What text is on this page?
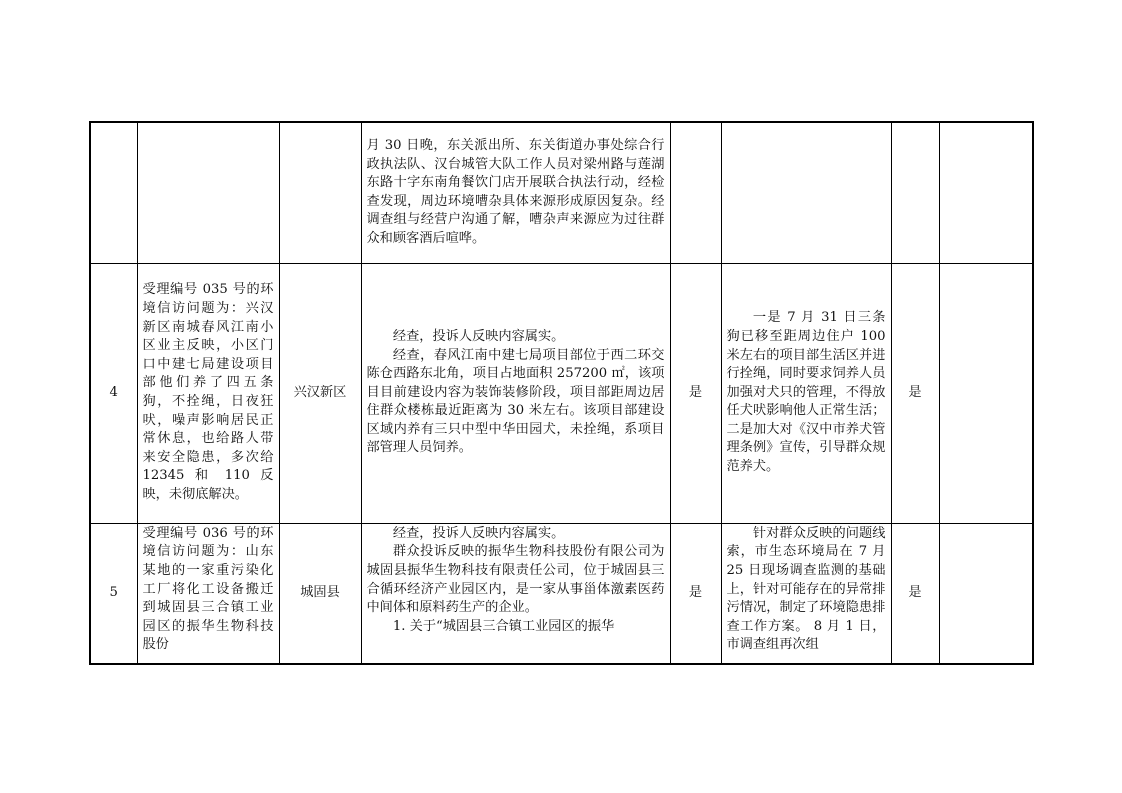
			月 30 日晚，东关派出所、东关街道办事处综合行政执法队、汉台城管大队工作人员对梁州路与莲湖东路十字东南角餐饮门店开展联合执法行动，经检查发现，周边环境嘈杂具体来源形成原因复杂。经调查组与经营户沟通了解，嘈杂声来源应为过往群众和顾客酒后喧哗。				

4	受理编号 035 号的环境信访问题为：兴汉新区南城春风江南小区业主反映，小区门口中建七局建设项目部他们养了四五条狗，不拴绳，日夜狂吠，噪声影响居民正常休息，也给路人带来安全隐患，多次给 12345 和 110 反映，未彻底解决。	兴汉新区	经查，投诉人反映内容属实。
经查，春风江南中建七局项目部位于西二环交陈仓西路东北角，项目占地面积 257200 ㎡，该项目目前建设内容为装饰装修阶段，项目部距周边居住群众楼栋最近距离为 30 米左右。该项目部建设区域内养有三只中型中华田园犬，未拴绳，系项目部管理人员饲养。	是	一是 7 月 31 日三条狗已移至距周边住户 100 米左右的项目部生活区并进行拴绳，同时要求饲养人员加强对犬只的管理，不得放任犬吠影响他人正常生活；二是加大对《汉中市养犬管理条例》宣传，引导群众规范养犬。	是	
5	受理编号 036 号的环境信访问题为：山东某地的一家重污染化工厂将化工设备搬迁到城固县三合镇工业园区的振华生物科技股份	城固县	经查，投诉人反映内容属实。
群众投诉反映的振华生物科技股份有限公司为城固县振华生物科技有限责任公司，位于城固县三合循环经济产业园区内，是一家从事甾体激素医药中间体和原料药生产的企业。
1. 关于“城固县三合镇工业园区的振华	是	针对群众反映的问题线索，市生态环境局在 7 月 25 日现场调查监测的基础上，针对可能存在的异常排污情况，制定了环境隐患排查工作方案。 8 月 1 日，市调查组再次组	是	
